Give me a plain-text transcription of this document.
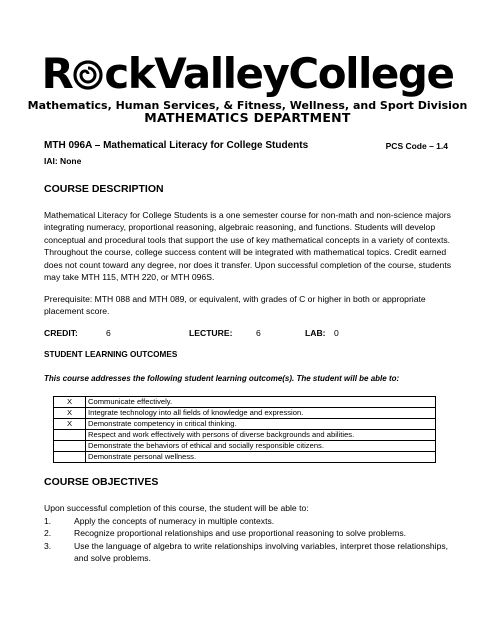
R ckValleyCollege
Mathematics, Human Services, & Fitness, Wellness, and Sport Division
MATHEMATICS DEPARTMENT
MTH 096A – Mathematical Literacy for College Students	PCS Code – 1.4
IAI: None
COURSE DESCRIPTION
Mathematical Literacy for College Students is a one semester course for non-math and non-science majors integrating numeracy, proportional reasoning, algebraic reasoning, and functions. Students will develop conceptual and procedural tools that support the use of key mathematical concepts in a variety of contexts. Throughout the course, college success content will be integrated with mathematical topics. Credit earned does not count toward any degree, nor does it transfer. Upon successful completion of the course, students may take MTH 115, MTH 220, or MTH 096S.
Prerequisite: MTH 088 and MTH 089, or equivalent, with grades of C or higher in both or appropriate placement score.
CREDIT:	6	LECTURE:	6	LAB: 0
STUDENT LEARNING OUTCOMES
This course addresses the following student learning outcome(s). The student will be able to:
X	Communicate effectively.
X	Integrate technology into all fields of knowledge and expression.
X	Demonstrate competency in critical thinking.
	Respect and work effectively with persons of diverse backgrounds and abilities.
	Demonstrate the behaviors of ethical and socially responsible citizens.
	Demonstrate personal wellness.
COURSE OBJECTIVES
Upon successful completion of this course, the student will be able to:
1.	Apply the concepts of numeracy in multiple contexts.
2.	Recognize proportional relationships and use proportional reasoning to solve problems.
3.	Use the language of algebra to write relationships involving variables, interpret those relationships, and solve problems.
